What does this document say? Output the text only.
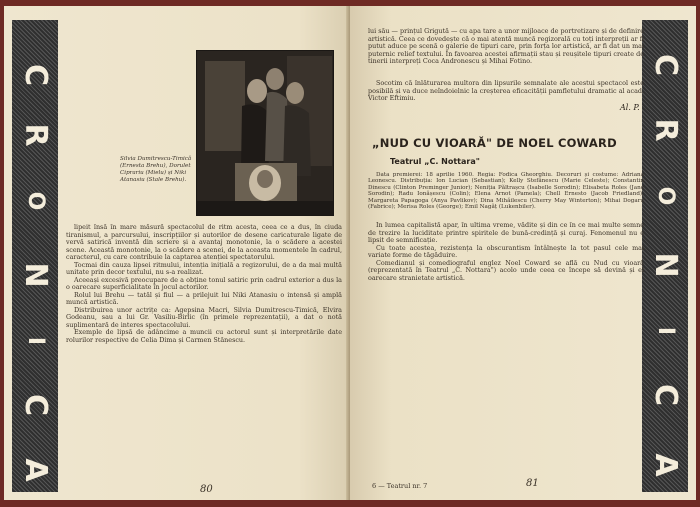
C
R
O
N
I
C
A
Silvia Dumitrescu-Timică (Ernesta Brehu), Dorulet Ciprariu (Mielu) și Niki Atanasiu (Stale Brehu).

lipeit însă în mare măsură spectacolul de ritm acesta, ceea ce a dus, în ciuda tiranismul, a parcursului, inscripțiilor și autorilor de desene caricaturale ligate de vervă satirică inventă din scriere și a avantaj monotonie, la o scădere a acestei scene. Această monotonie, la o scădere a scenei, de la aceasta momentele în cadrul, caracterul, cu care contribuie la captarea atenției spectatorului.

Tocmai din cauza lipsei ritmului, intenția inițială a regizorului, de a da mai multă unitate prin decor textului, nu s-a realizat.

Aceeași excesivă preocupare de a obține tonul satiric prin cadrul exterior a dus la o oarecare superficialitate în jocul actorilor.

Rolul lui Brehu — tatăl și fiul — a prilejuit lui Niki Atanasiu o intensă și amplă muncă artistică.

Distribuirea unor actrițe ca: Agepsina Macri, Silvia Dumitrescu-Timică, Elvira Godeanu, sau a lui Gr. Vasiliu-Birlic (în primele reprezentații), a dat o notă suplimentară de interes spectacolului.

Exemple de lipsă de adâncime a muncii cu actorul sunt și interpretările date rolurilor respective de Celia Dima și Carmen Stănescu.

80
C
R
O
N
I
C
A

lui său — prințul Grigută — cu apa tare a unor mijloace de portretizare și de definire artistică. Ceea ce dovedește că o mai atentă muncă regizorală cu toți interpreții ar fi putut aduce pe scenă o galerie de tipuri care, prin forța lor artistică, ar fi dat un mai puternic relief textului. În favoarea acestei afirmații stau și reușitele tipuri create de tinerii interpreți Coca Andronescu și Mihai Fotino.

Socotim că înlăturarea multora din lipsurile semnalate ale acestui spectacol este posibilă și va duce neîndoielnic la creșterea eficacității pamfletului dramatic al acad. Victor Eftimiu.

Al. P.
„NUD CU VIOARĂ" DE NOEL COWARD
Teatrul „C. Nottara"

Data premierei: 18 aprilie 1960. Regia: Fodica Gheorghiu. Decoruri și costume: Adriana Leonescu. Distribuția: Ion Lucian (Sebastian); Kelly Stefănescu (Marie Celeste); Constantin Dinescu (Clinton Preminger Junior); Neniția Păltrașcu (Isabelle Sorodin); Elisabeta Roles (Jane Sorodin); Radu Ionășescu (Colin); Elena Arnot (Pamela); Chell Ernesto (Jacob Friedland); Margareta Papagoga (Anya Pavlikov); Dina Mihăilescu (Cherry May Winterton); Mihai Dogaru (Fabrice); Merisa Roles (George); Emil Nagăț (Lukenbiler).

În lumea capitalistă apar, în ultima vreme, vădite și din ce în ce mai multe semne de trezire la luciditate printre spiritele de bună-credință și curaj. Fenomenul nu e lipsit de semnificație.

Cu toate acestea, rezistența la obscurantism întâlnește la tot pasul cele mai variate forme de tăgăduire.

Comedianul și comediograful englez Noel Coward se află cu Nud cu vioară (reprezentată în Teatrul „C. Nottara") acolo unde ceea ce începe să devină și el oarecare stranietate artistică.

6 — Teatrul nr. 7	81
